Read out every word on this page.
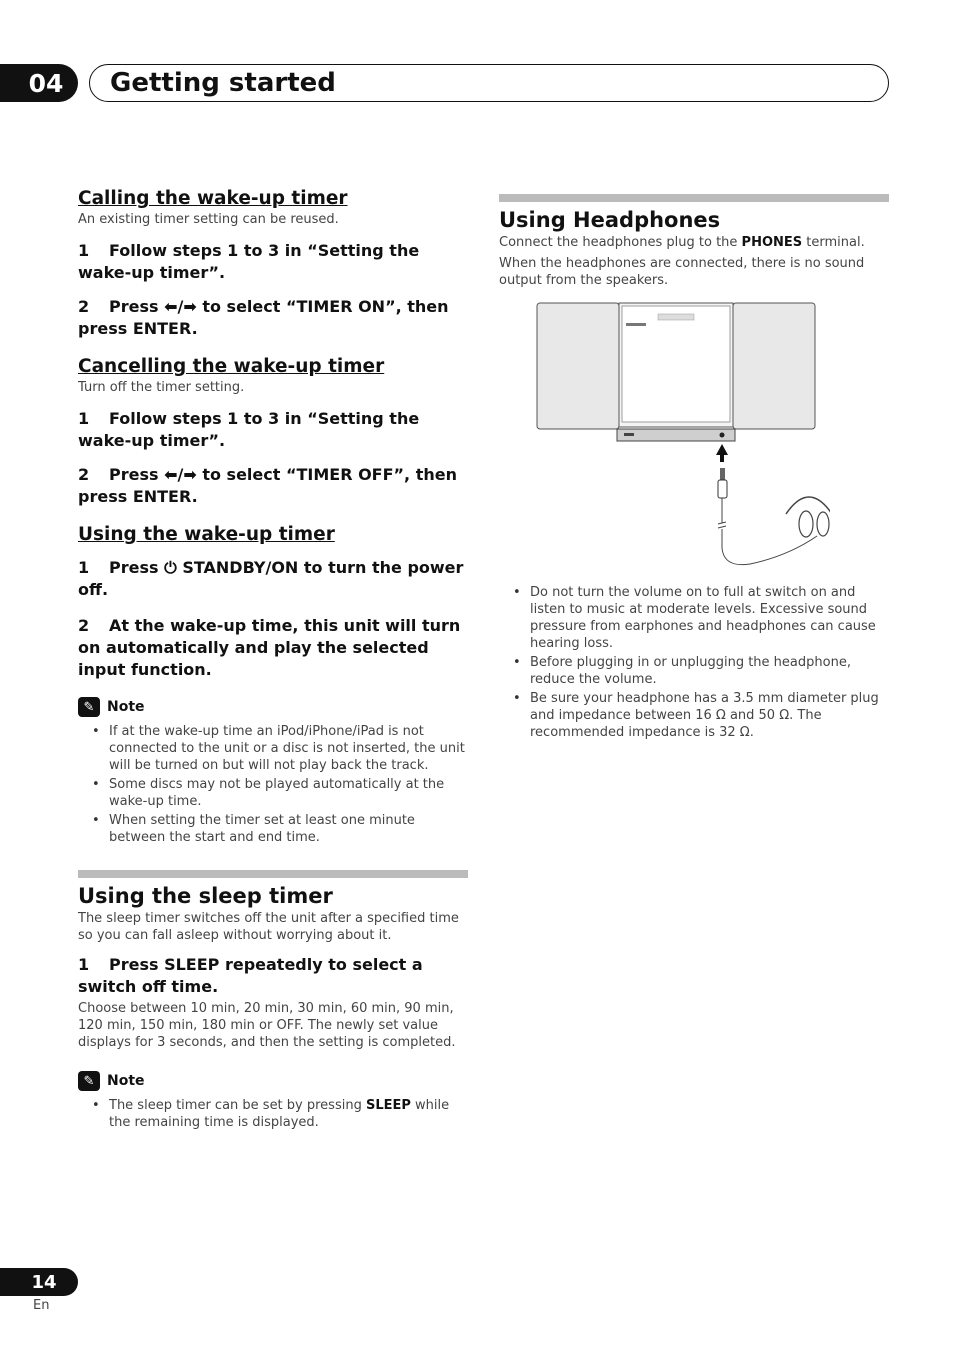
04 Getting started
Calling the wake-up timer

An existing timer setting can be reused.

1 Follow steps 1 to 3 in “Setting the wake-up timer”.

2 Press ⬅/➡ to select “TIMER ON”, then press ENTER.

Cancelling the wake-up timer

Turn off the timer setting.

1 Follow steps 1 to 3 in “Setting the wake-up timer”.

2 Press ⬅/➡ to select “TIMER OFF”, then press ENTER.

Using the wake-up timer

1 Press ⏻ STANDBY/ON to turn the power off.

2 At the wake-up time, this unit will turn on automatically and play the selected input function.

✎ Note
• If at the wake-up time an iPod/iPhone/iPad is not connected to the unit or a disc is not inserted, the unit will be turned on but will not play back the track.
• Some discs may not be played automatically at the wake-up time.
• When setting the timer set at least one minute between the start and end time.
Using the sleep timer

The sleep timer switches off the unit after a specified time so you can fall asleep without worrying about it.

1 Press SLEEP repeatedly to select a switch off time.

Choose between 10 min, 20 min, 30 min, 60 min, 90 min, 120 min, 150 min, 180 min or OFF. The newly set value displays for 3 seconds, and then the setting is completed.

✎ Note
• The sleep timer can be set by pressing SLEEP while the remaining time is displayed.
Using Headphones

Connect the headphones plug to the PHONES terminal.

When the headphones are connected, there is no sound output from the speakers.

• Do not turn the volume on to full at switch on and listen to music at moderate levels. Excessive sound pressure from earphones and headphones can cause hearing loss.
• Before plugging in or unplugging the headphone, reduce the volume.
• Be sure your headphone has a 3.5 mm diameter plug and impedance between 16 Ω and 50 Ω. The recommended impedance is 32 Ω.
14
En
